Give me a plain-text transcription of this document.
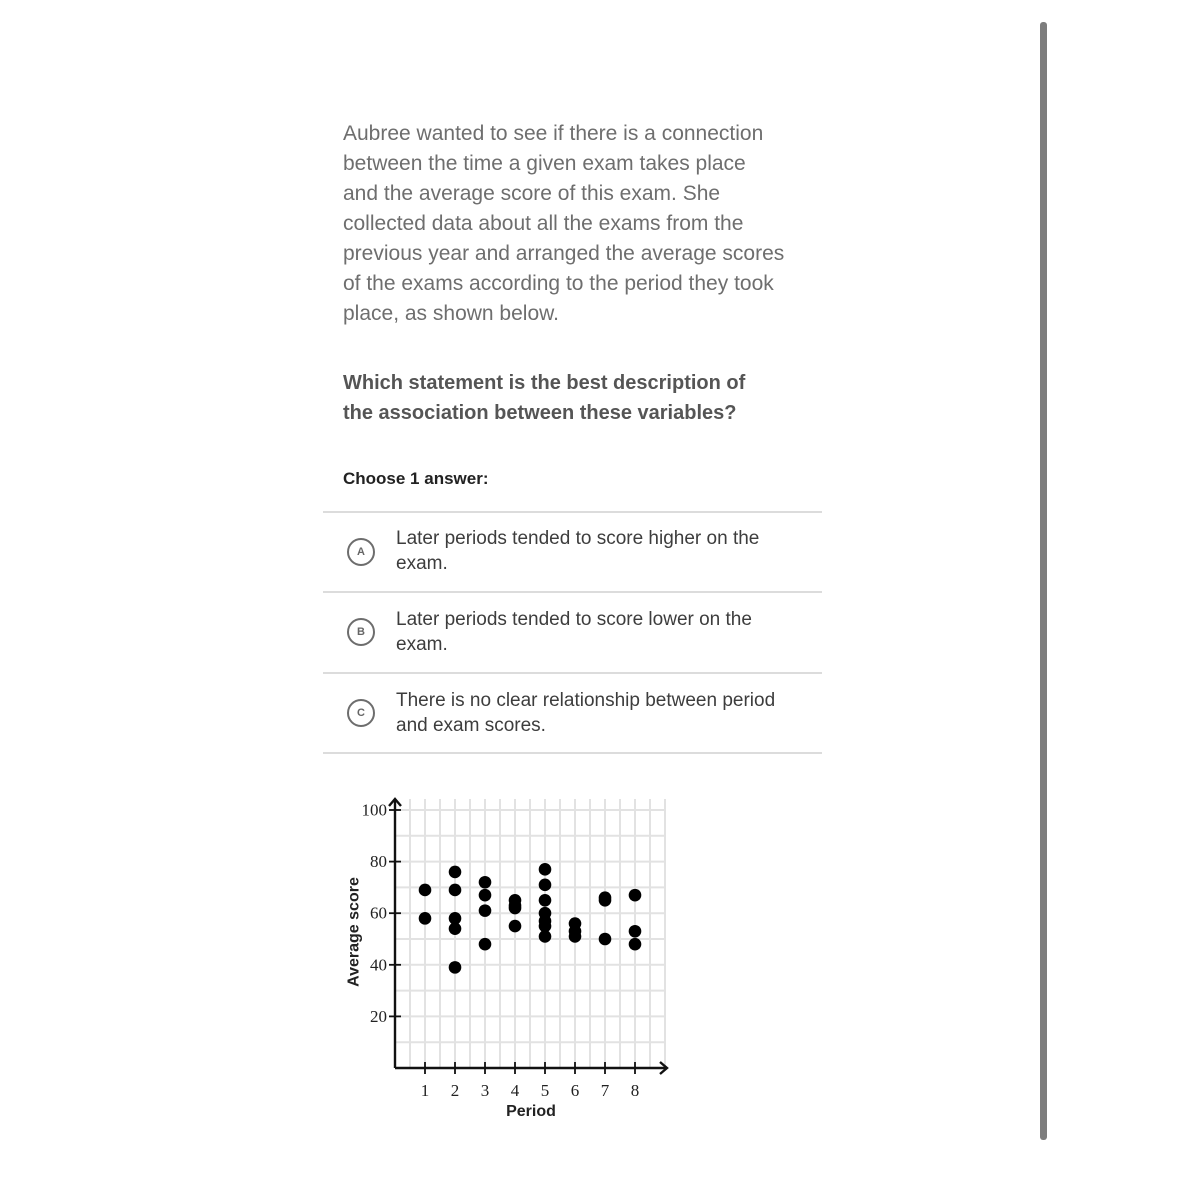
Aubree wanted to see if there is a connection
between the time a given exam takes place
and the average score of this exam. She
collected data about all the exams from the
previous year and arranged the average scores
of the exams according to the period they took
place, as shown below.
Which statement is the best description of
the association between these variables?
Choose 1 answer:
A
Later periods tended to score higher on the
exam.
B
Later periods tended to score lower on the
exam.
C
There is no clear relationship between period
and exam scores.
20
40
60
80
100
1 2 3 4 5 6 7 8
Period
Average score
